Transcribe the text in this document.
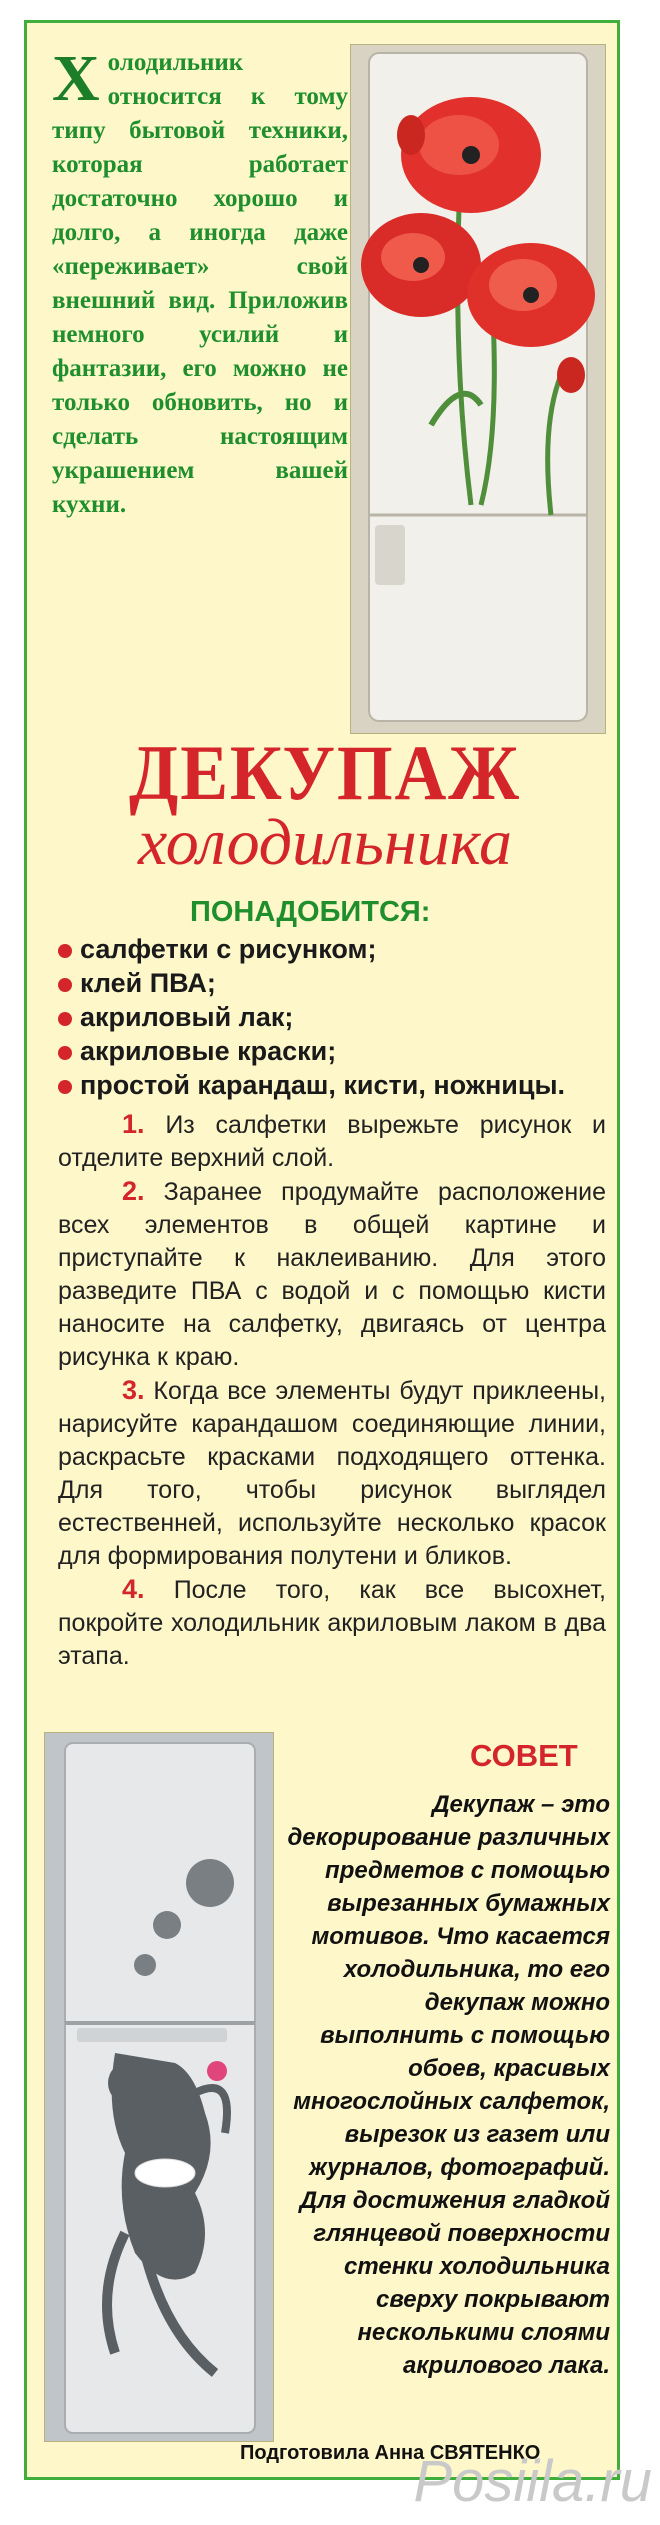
Х олодильник относится к тому типу бытовой техники, которая работает достаточно хорошо и долго, а иногда даже «переживает» свой внешний вид. Приложив немного усилий и фантазии, его можно не только обновить, но и сделать настоящим украшением вашей кухни.
ДЕКУПАЖ
холодильника
ПОНАДОБИТСЯ:
салфетки с рисунком;
клей ПВА;
акриловый лак;
акриловые краски;
простой карандаш, кисти, ножницы.

1. Из салфетки вырежьте рисунок и отделите верхний слой.

2. Заранее продумайте расположение всех элементов в общей картине и приступайте к наклеиванию. Для этого разведите ПВА с водой и с помощью кисти наносите на салфетку, двигаясь от центра рисунка к краю.

3. Когда все элементы будут приклеены, нарисуйте карандашом соединяющие линии, раскрасьте красками подходящего оттенка. Для того, чтобы рисунок выглядел естественней, используйте несколько красок для формирования полутени и бликов.

4. После того, как все высохнет, покройте холодильник акриловым лаком в два этапа.

СОВЕТ
Декупаж – это декорирование различных предметов с помощью вырезанных бумажных мотивов. Что касается холодильника, то его декупаж можно выполнить с помощью обоев, красивых многослойных салфеток, вырезок из газет или журналов, фотографий. Для достижения гладкой глянцевой поверхности стенки холодильника сверху покрывают несколькими слоями акрилового лака.
Подготовила Анна СВЯТЕНКО
Posiila.ru
